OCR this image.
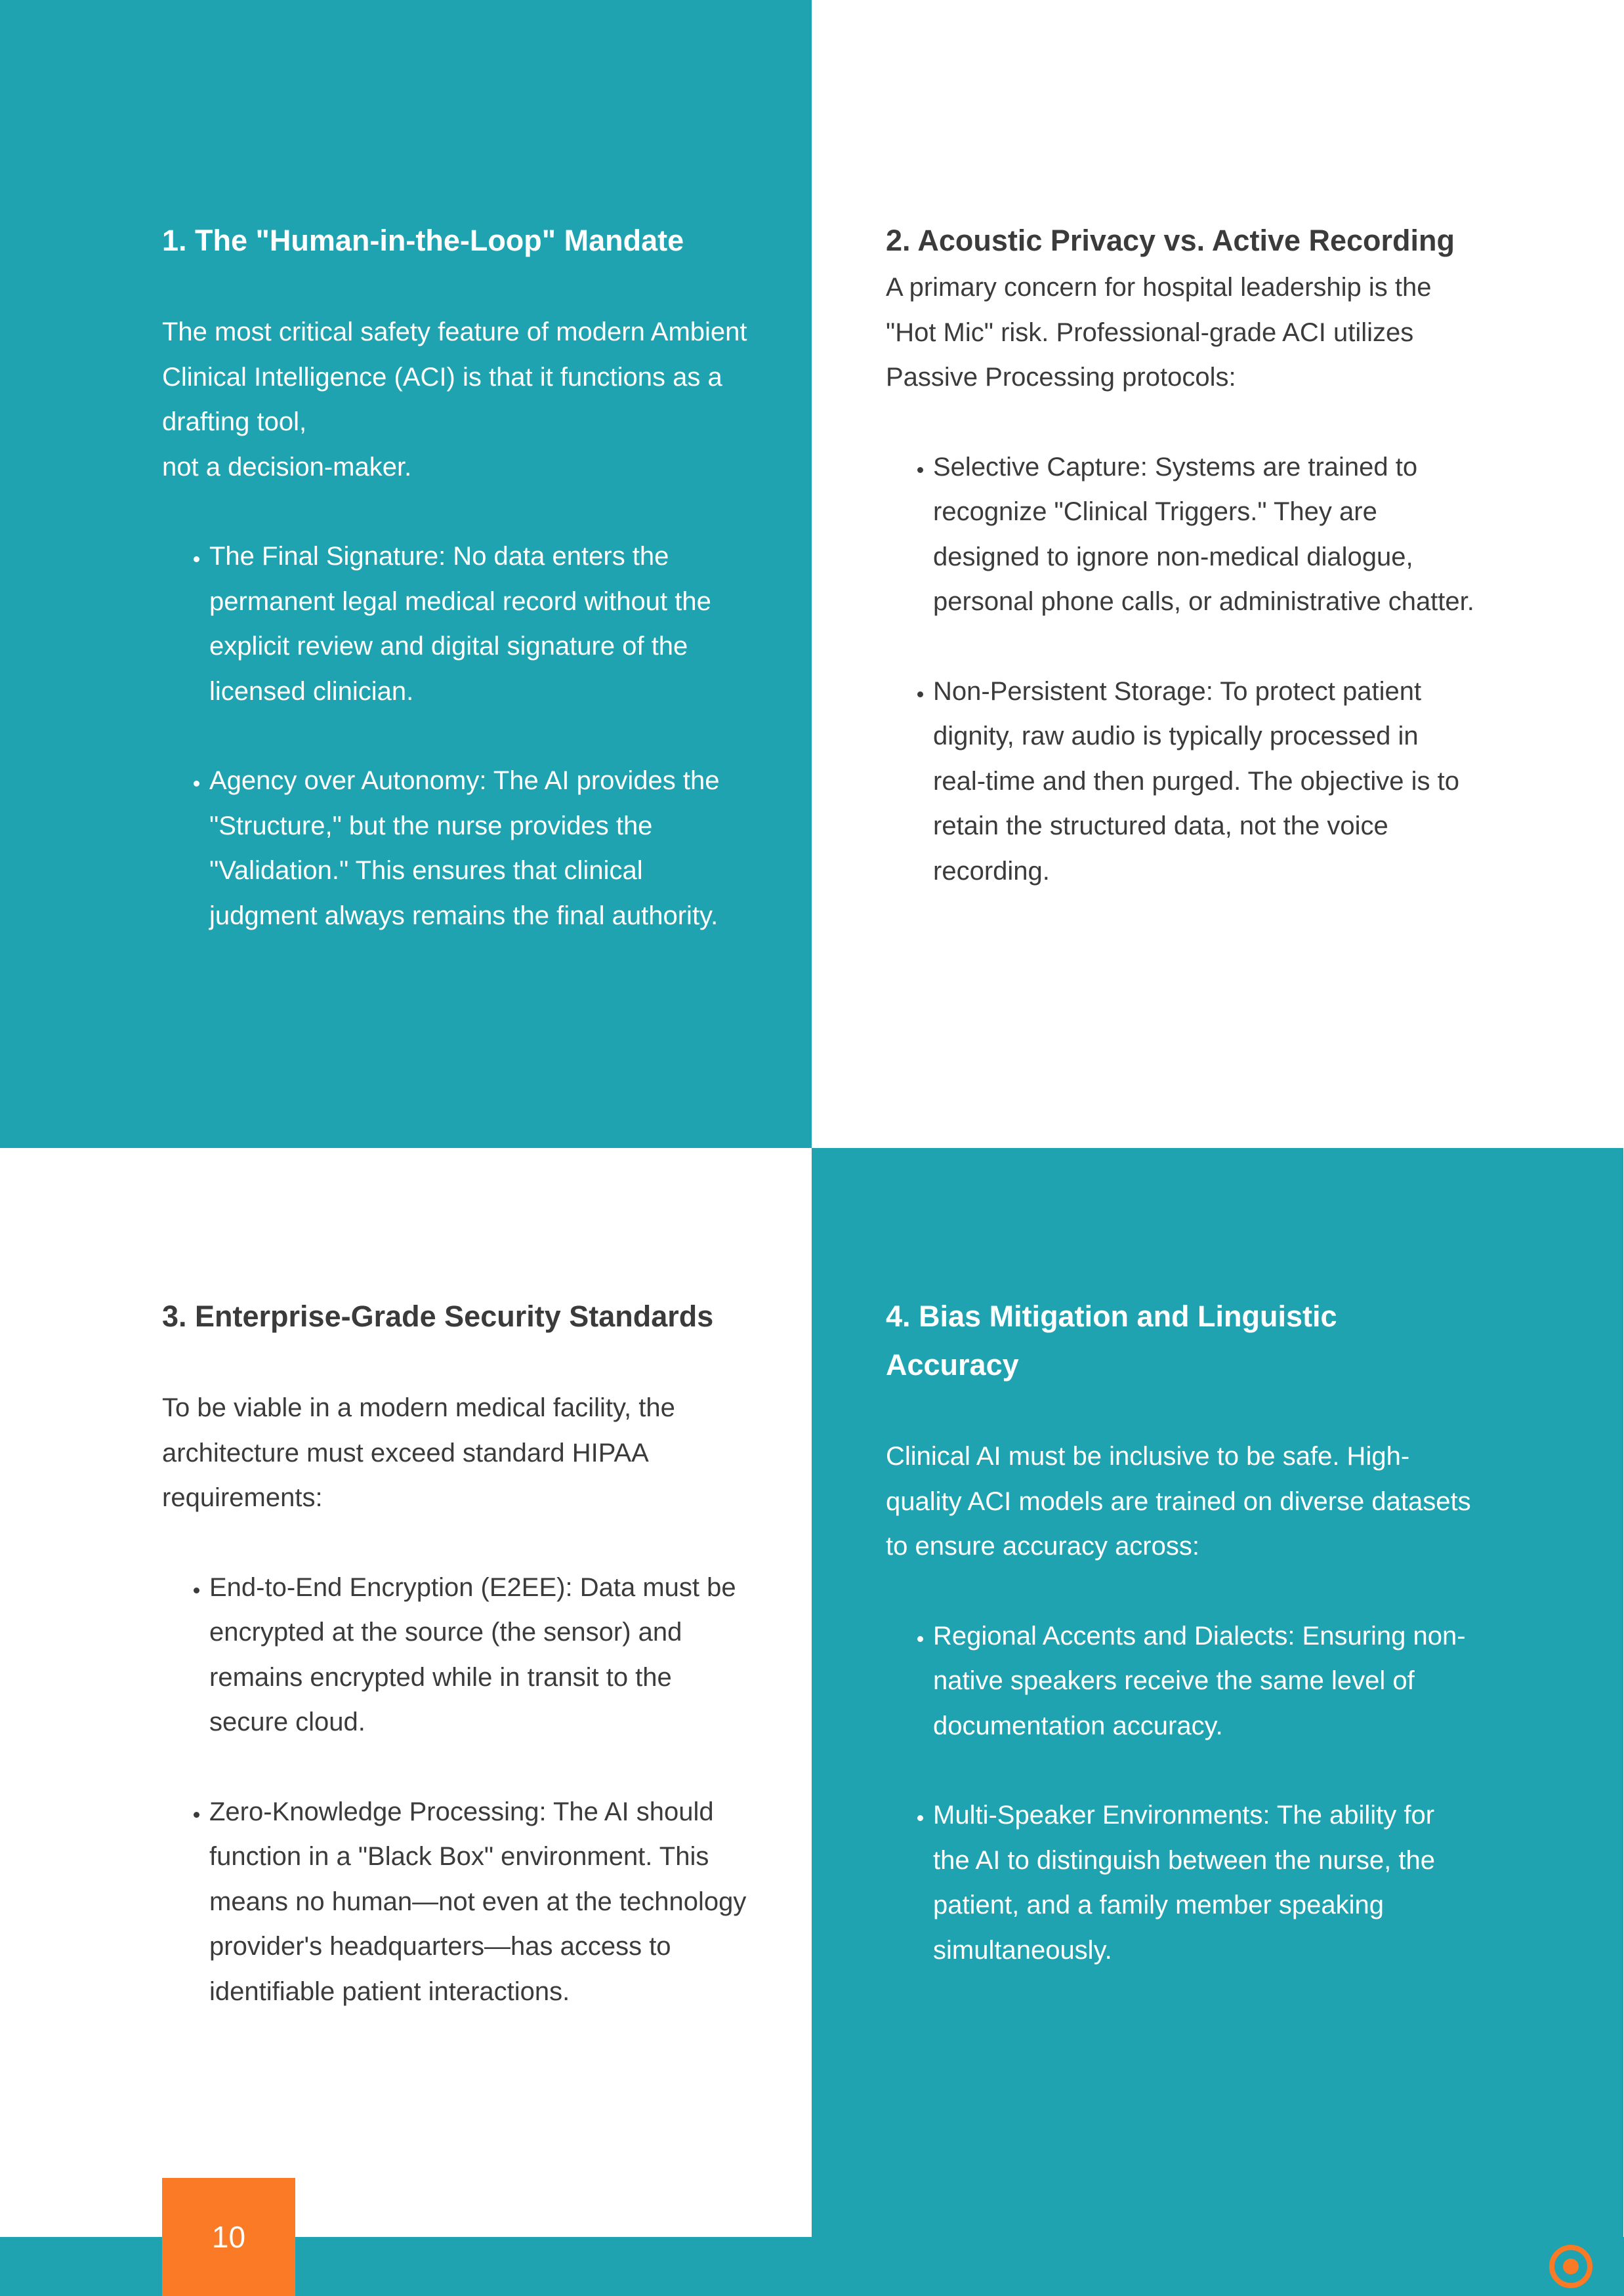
1. The "Human-in-the-Loop" Mandate

The most critical safety feature of modern Ambient Clinical Intelligence (ACI) is that it functions as a drafting tool,
not a decision-maker.

• The Final Signature: No data enters the permanent legal medical record without the explicit review and digital signature of the licensed clinician.
• Agency over Autonomy: The AI provides the "Structure," but the nurse provides the "Validation." This ensures that clinical judgment always remains the final authority.
2. Acoustic Privacy vs. Active Recording

A primary concern for hospital leadership is the "Hot Mic" risk. Professional-grade ACI utilizes Passive Processing protocols:

• Selective Capture: Systems are trained to recognize "Clinical Triggers." They are designed to ignore non-medical dialogue, personal phone calls, or administrative chatter.
• Non-Persistent Storage: To protect patient dignity, raw audio is typically processed in real-time and then purged. The objective is to retain the structured data, not the voice recording.
3. Enterprise-Grade Security Standards

To be viable in a modern medical facility, the architecture must exceed standard HIPAA requirements:

• End-to-End Encryption (E2EE): Data must be encrypted at the source (the sensor) and remains encrypted while in transit to the secure cloud.
• Zero-Knowledge Processing: The AI should function in a "Black Box" environment. This means no human—not even at the technology provider's headquarters—has access to identifiable patient interactions.
4. Bias Mitigation and Linguistic Accuracy

Clinical AI must be inclusive to be safe. High-quality ACI models are trained on diverse datasets to ensure accuracy across:

• Regional Accents and Dialects: Ensuring non-native speakers receive the same level of documentation accuracy.
• Multi-Speaker Environments: The ability for the AI to distinguish between the nurse, the patient, and a family member speaking simultaneously.
10
